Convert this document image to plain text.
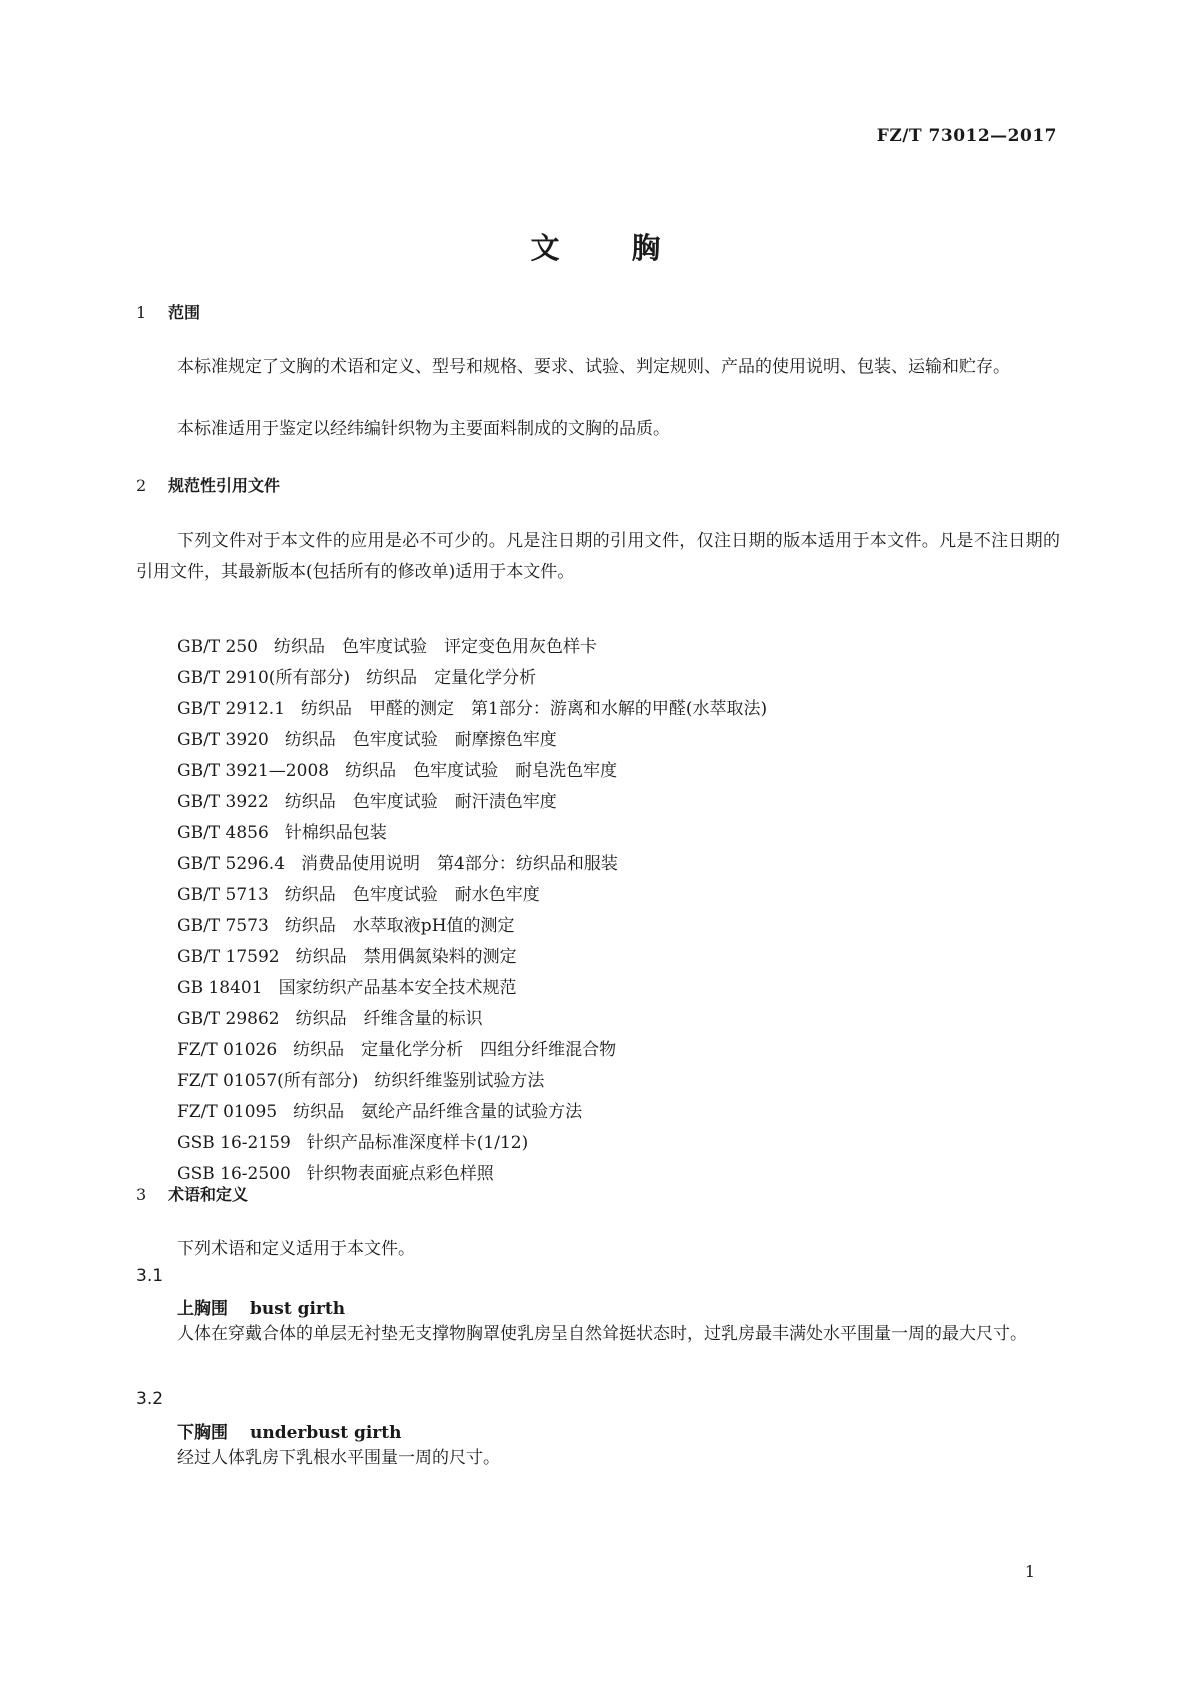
FZ/T 73012—2017
文胸
1 范围
本标准规定了文胸的术语和定义、型号和规格、要求、试验、判定规则、产品的使用说明、包装、运输和贮存。
本标准适用于鉴定以经纬编针织物为主要面料制成的文胸的品质。
2 规范性引用文件
下列文件对于本文件的应用是必不可少的。凡是注日期的引用文件，仅注日期的版本适用于本文件。凡是不注日期的引用文件，其最新版本(包括所有的修改单)适用于本文件。
GB/T 250 纺织品　色牢度试验　评定变色用灰色样卡
GB/T 2910(所有部分) 纺织品　定量化学分析
GB/T 2912.1 纺织品　甲醛的测定　第1部分：游离和水解的甲醛(水萃取法)
GB/T 3920 纺织品　色牢度试验　耐摩擦色牢度
GB/T 3921—2008 纺织品　色牢度试验　耐皂洗色牢度
GB/T 3922 纺织品　色牢度试验　耐汗渍色牢度
GB/T 4856 针棉织品包装
GB/T 5296.4 消费品使用说明　第4部分：纺织品和服装
GB/T 5713 纺织品　色牢度试验　耐水色牢度
GB/T 7573 纺织品　水萃取液pH值的测定
GB/T 17592 纺织品　禁用偶氮染料的测定
GB 18401 国家纺织产品基本安全技术规范
GB/T 29862 纺织品　纤维含量的标识
FZ/T 01026 纺织品　定量化学分析　四组分纤维混合物
FZ/T 01057(所有部分) 纺织纤维鉴别试验方法
FZ/T 01095 纺织品　氨纶产品纤维含量的试验方法
GSB 16-2159 针织产品标准深度样卡(1/12)
GSB 16-2500 针织物表面疵点彩色样照
3 术语和定义
下列术语和定义适用于本文件。
3.1
上胸围 bust girth
人体在穿戴合体的单层无衬垫无支撑物胸罩使乳房呈自然耸挺状态时，过乳房最丰满处水平围量一周的最大尺寸。
3.2
下胸围 underbust girth
经过人体乳房下乳根水平围量一周的尺寸。
1
